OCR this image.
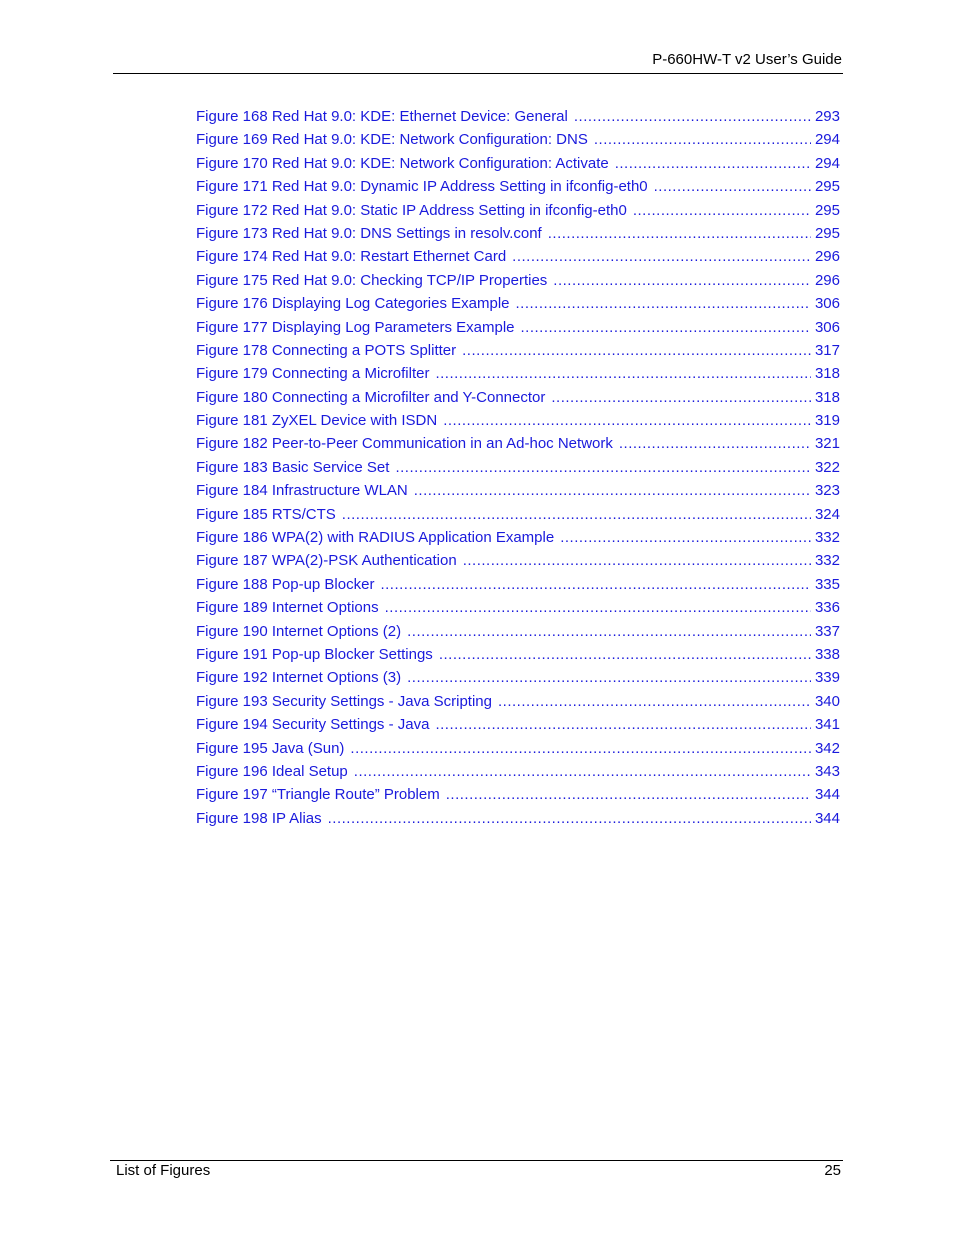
P-660HW-T v2 User’s Guide
Figure 168 Red Hat 9.0: KDE: Ethernet Device: General .....	293
Figure 169 Red Hat 9.0: KDE: Network Configuration: DNS .....	294
Figure 170 Red Hat 9.0: KDE: Network Configuration: Activate .....	294
Figure 171 Red Hat 9.0: Dynamic IP Address Setting in ifconfig-eth0 .....	295
Figure 172 Red Hat 9.0: Static IP Address Setting in ifconfig-eth0 .....	295
Figure 173 Red Hat 9.0: DNS Settings in resolv.conf .....	295
Figure 174 Red Hat 9.0: Restart Ethernet Card .....	296
Figure 175 Red Hat 9.0: Checking TCP/IP Properties .....	296
Figure 176 Displaying Log Categories Example .....	306
Figure 177 Displaying Log Parameters Example .....	306
Figure 178 Connecting a POTS Splitter .....	317
Figure 179 Connecting a Microfilter .....	318
Figure 180 Connecting a Microfilter and Y-Connector .....	318
Figure 181 ZyXEL Device with ISDN .....	319
Figure 182 Peer-to-Peer Communication in an Ad-hoc Network .....	321
Figure 183 Basic Service Set .....	322
Figure 184 Infrastructure WLAN .....	323
Figure 185 RTS/CTS .....	324
Figure 186 WPA(2) with RADIUS Application Example .....	332
Figure 187 WPA(2)-PSK Authentication .....	332
Figure 188 Pop-up Blocker .....	335
Figure 189 Internet Options .....	336
Figure 190 Internet Options (2) .....	337
Figure 191 Pop-up Blocker Settings .....	338
Figure 192 Internet Options (3) .....	339
Figure 193 Security Settings - Java Scripting .....	340
Figure 194 Security Settings - Java .....	341
Figure 195 Java (Sun) .....	342
Figure 196 Ideal Setup .....	343
Figure 197 “Triangle Route” Problem .....	344
Figure 198 IP Alias .....	344
List of Figures	25
